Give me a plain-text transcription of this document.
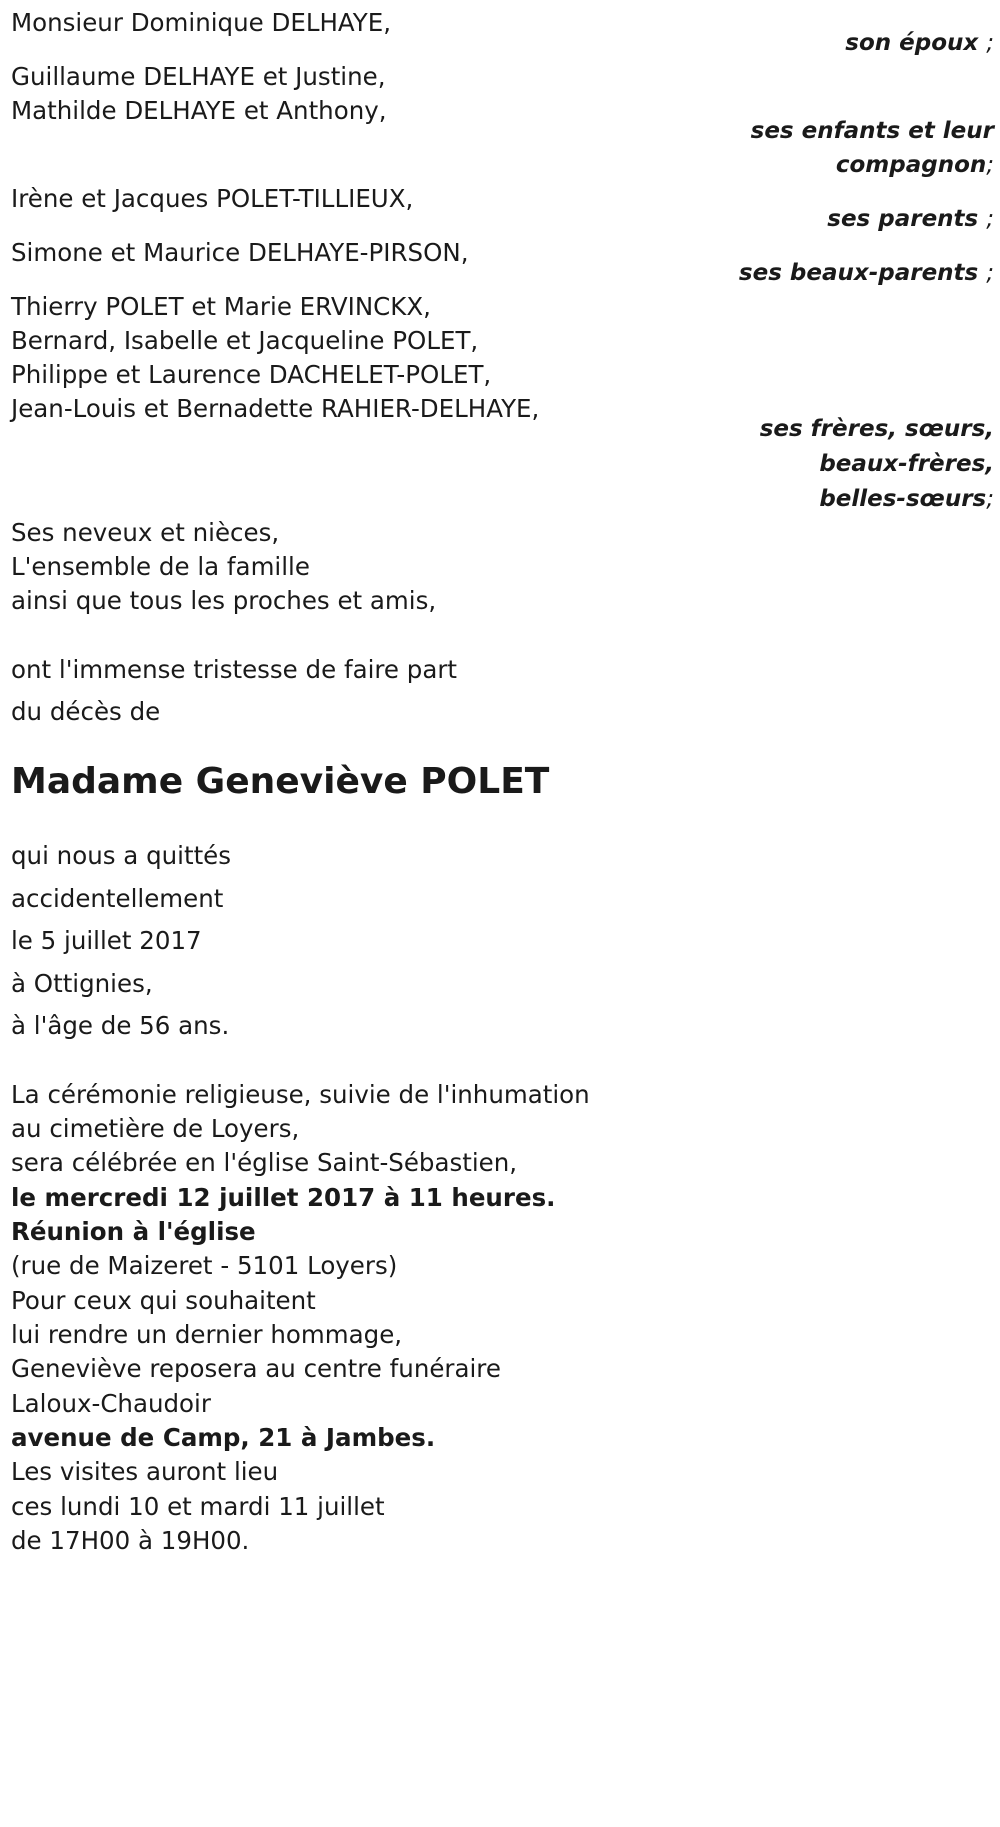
Monsieur Dominique DELHAYE,
son époux ;
Guillaume DELHAYE et Justine,
Mathilde DELHAYE et Anthony,
ses enfants et leur
compagnon;
Irène et Jacques POLET-TILLIEUX,
ses parents ;
Simone et Maurice DELHAYE-PIRSON,
ses beaux-parents ;
Thierry POLET et Marie ERVINCKX,
Bernard, Isabelle et Jacqueline POLET,
Philippe et Laurence DACHELET-POLET,
Jean-Louis et Bernadette RAHIER-DELHAYE,
ses frères, sœurs,
beaux-frères,
belles-sœurs;
Ses neveux et nièces,
L'ensemble de la famille
ainsi que tous les proches et amis,
ont l'immense tristesse de faire part
du décès de
Madame Geneviève POLET
qui nous a quittés
accidentellement
le 5 juillet 2017
à Ottignies,
à l'âge de 56 ans.
La cérémonie religieuse, suivie de l'inhumation
au cimetière de Loyers,
sera célébrée en l'église Saint-Sébastien,
le mercredi 12 juillet 2017 à 11 heures.
Réunion à l'église
(rue de Maizeret - 5101 Loyers)
Pour ceux qui souhaitent
lui rendre un dernier hommage,
Geneviève reposera au centre funéraire
Laloux-Chaudoir
avenue de Camp, 21 à Jambes.
Les visites auront lieu
ces lundi 10 et mardi 11 juillet
de 17H00 à 19H00.
